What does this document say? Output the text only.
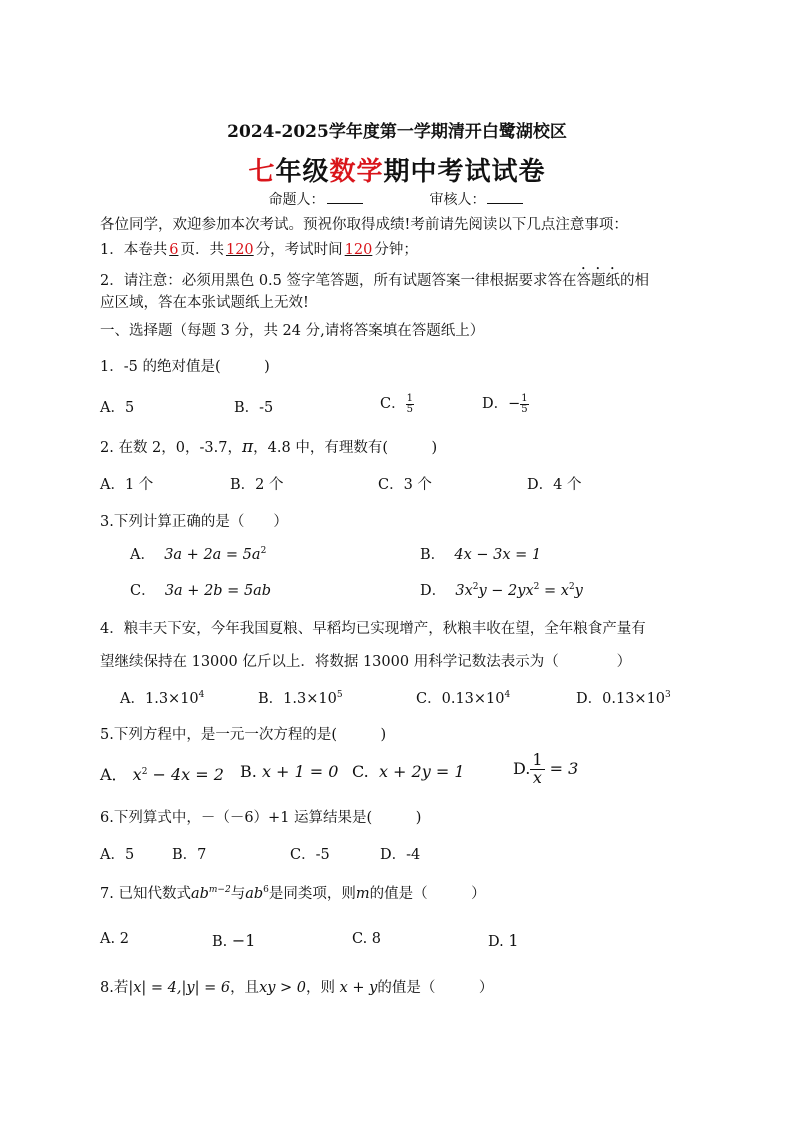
2024-2025学年度第一学期清开白鹭湖校区
七年级数学期中考试试卷
命题人：	审核人：
各位同学，欢迎参加本次考试。预祝你取得成绩!考前请先阅读以下几点注意事项：
1．本卷共 6 页．共 120 分，考试时间 120 分钟；
2．请注意：必须用黑色 0.5 签字笔答题，所有试题答案一律根据要求答在答题纸的相
应区域，答在本张试题纸上无效!
一、选择题（每题 3 分，共 24 分,请将答案填在答题纸上）
1．-5 的绝对值是(　　　)
A．5	B．-5	C． $\frac{1}{5}$	D．− $\frac{1}{5}$
2. 在数 2，0，-3.7，π，4.8 中，有理数有(　　　)
A．1 个	B．2 个	C．3 个	D．4 个
3.下列计算正确的是（　　）
A． $3a + 2a = 5a^2$	B． 4x − 3x = 1
C． 3a + 2b = 5ab	D． $3x^2y - 2yx^2 = x^2y$
4．粮丰天下安，今年我国夏粮、早稻均已实现增产，秋粮丰收在望，全年粮食产量有
望继续保持在 13000 亿斤以上．将数据 13000 用科学记数法表示为（　　　　）
A．$1.3\times 10^4$	B．$1.3\times 10^5$	C．$0.13\times 10^4$	D．$0.13\times 10^3$
5.下列方程中，是一元一次方程的是(　　　)
A． $x^2 - 4x = 2$ B. x + 1 = 0 C. x + 2y = 1	D. $\frac{1}{x} = 3$
6.下列算式中，－（－6）+1 运算结果是(　　　)
A．5	B．7	C．-5	D．-4
7. 已知代数式$ab^{m-2}$与$ab^6$是同类项，则m的值是（　　　）
A. 2	B. −1	C. 8	D. 1
8.若|x| = 4,|y| = 6，且xy > 0，则 x + y的值是（　　　）
